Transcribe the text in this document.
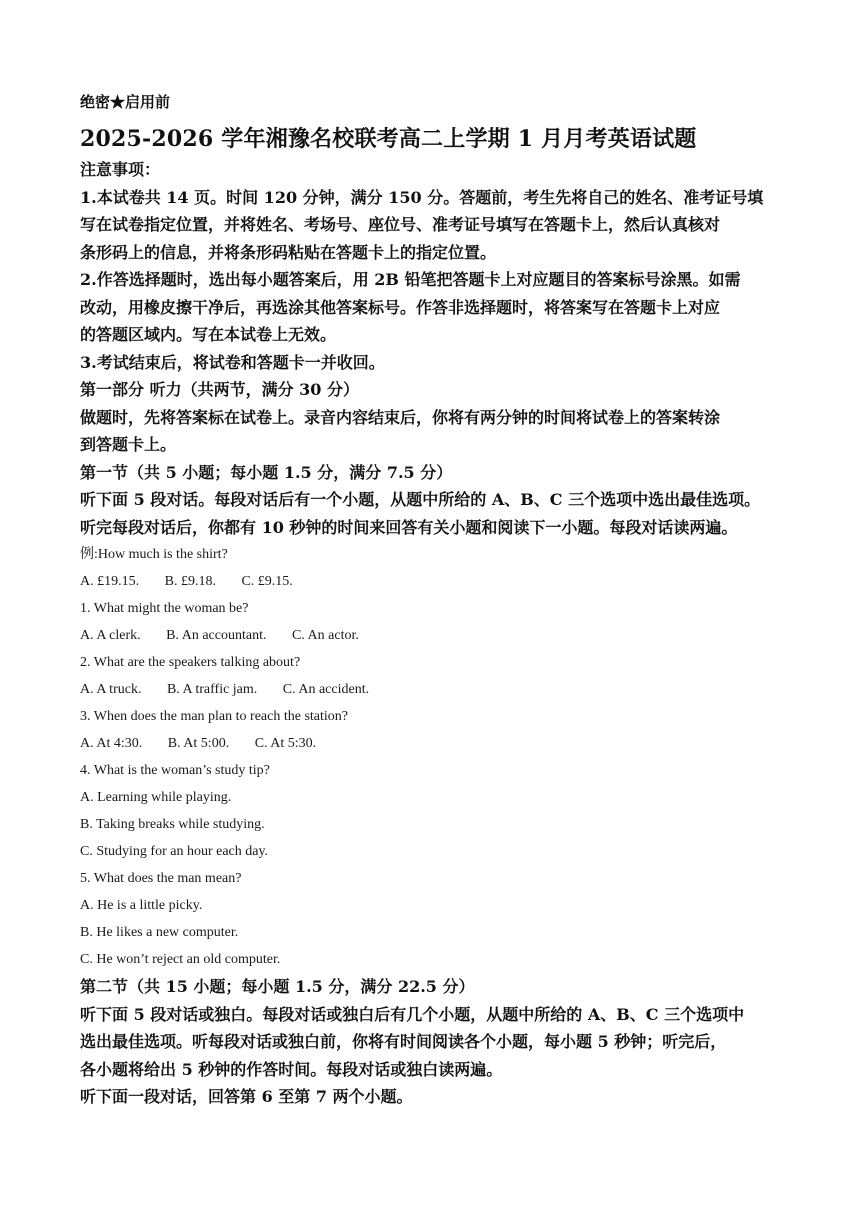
绝密★启用前
2025-2026 学年湘豫名校联考高二上学期 1 月月考英语试题
注意事项：
1.本试卷共 14 页。时间 120 分钟，满分 150 分。答题前，考生先将自己的姓名、准考证号填
写在试卷指定位置，并将姓名、考场号、座位号、准考证号填写在答题卡上，然后认真核对
条形码上的信息，并将条形码粘贴在答题卡上的指定位置。
2.作答选择题时，选出每小题答案后，用 2B 铅笔把答题卡上对应题目的答案标号涂黑。如需
改动，用橡皮擦干净后，再选涂其他答案标号。作答非选择题时，将答案写在答题卡上对应
的答题区域内。写在本试卷上无效。
3.考试结束后，将试卷和答题卡一并收回。
第一部分 听力（共两节，满分 30 分）
做题时，先将答案标在试卷上。录音内容结束后，你将有两分钟的时间将试卷上的答案转涂
到答题卡上。
第一节（共 5 小题；每小题 1.5 分，满分 7.5 分）
听下面 5 段对话。每段对话后有一个小题，从题中所给的 A、B、C 三个选项中选出最佳选项。
听完每段对话后，你都有 10 秒钟的时间来回答有关小题和阅读下一小题。每段对话读两遍。
例:How much is the shirt?
A. £19.15. B. £9.18. C. £9.15.
1. What might the woman be?
A. A clerk. B. An accountant. C. An actor.
2. What are the speakers talking about?
A. A truck. B. A traffic jam. C. An accident.
3. When does the man plan to reach the station?
A. At 4:30. B. At 5:00. C. At 5:30.
4. What is the woman’s study tip?
A. Learning while playing.
B. Taking breaks while studying.
C. Studying for an hour each day.
5. What does the man mean?
A. He is a little picky.
B. He likes a new computer.
C. He won’t reject an old computer.
第二节（共 15 小题；每小题 1.5 分，满分 22.5 分）
听下面 5 段对话或独白。每段对话或独白后有几个小题，从题中所给的 A、B、C 三个选项中
选出最佳选项。听每段对话或独白前，你将有时间阅读各个小题，每小题 5 秒钟；听完后，
各小题将给出 5 秒钟的作答时间。每段对话或独白读两遍。
听下面一段对话，回答第 6 至第 7 两个小题。
